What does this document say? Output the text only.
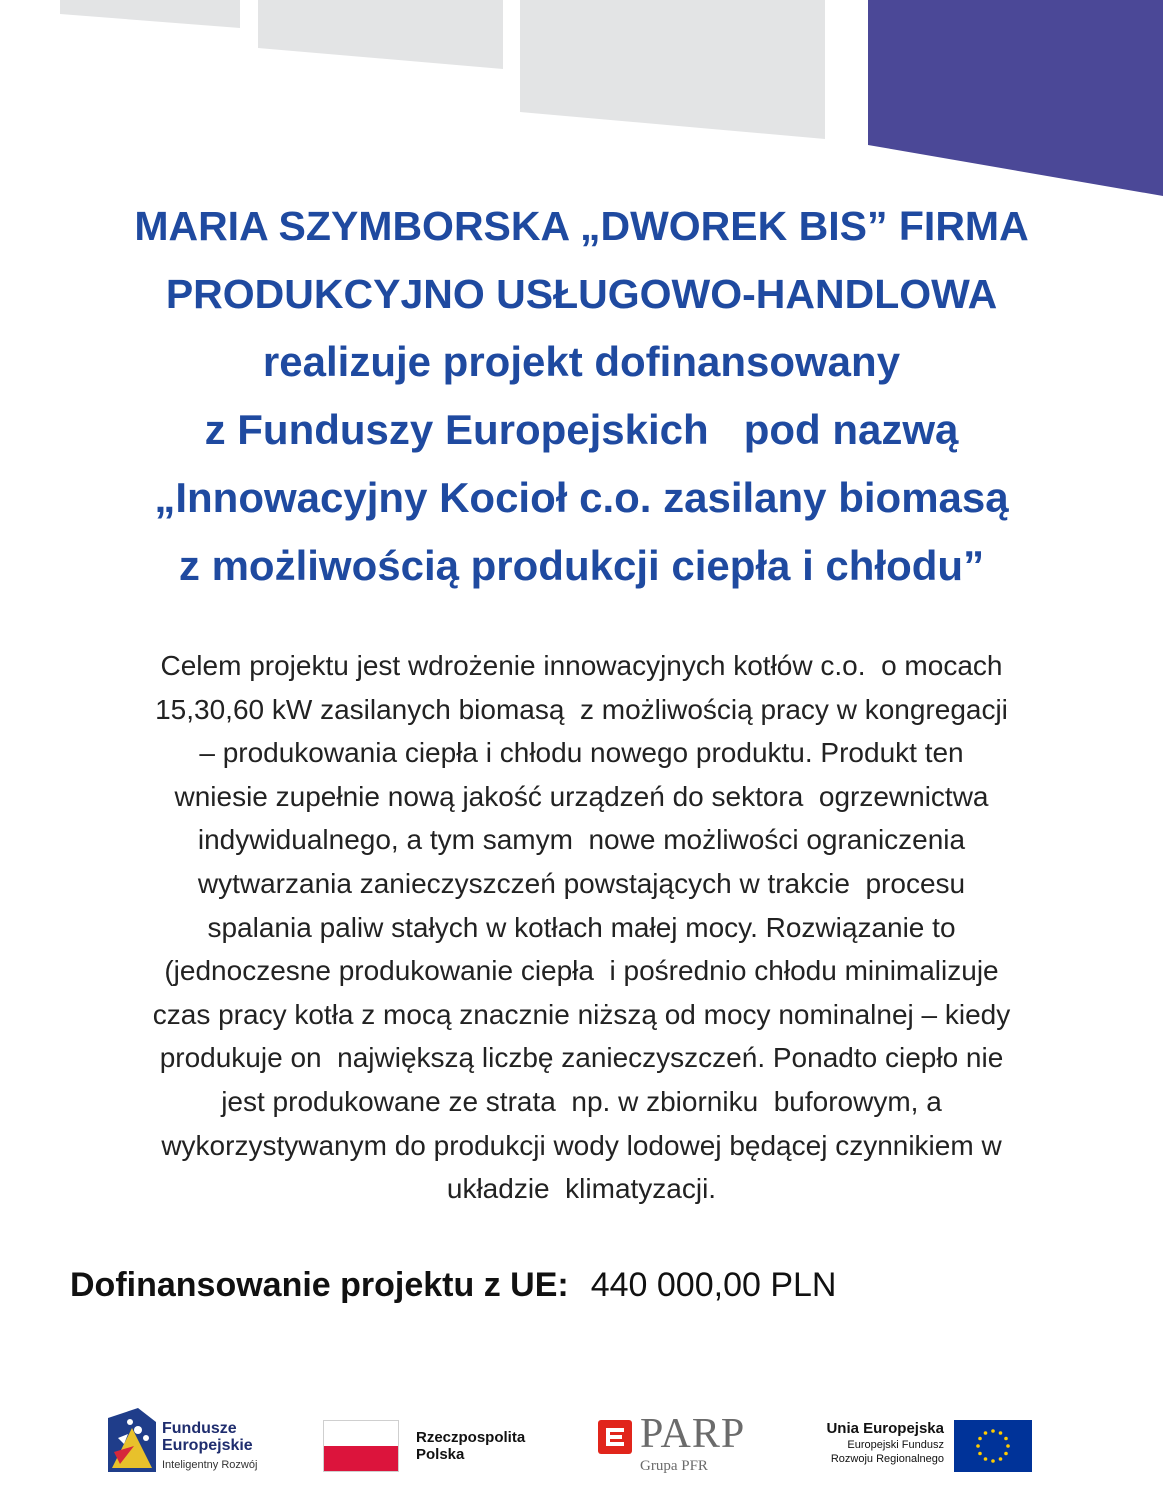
MARIA SZYMBORSKA „DWOREK BIS” FIRMA
PRODUKCYJNO USŁUGOWO-HANDLOWA
realizuje projekt dofinansowany
z Funduszy Europejskich   pod nazwą
„Innowacyjny Kocioł c.o. zasilany biomasą
z możliwością produkcji ciepła i chłodu”
Celem projektu jest wdrożenie innowacyjnych kotłów c.o.  o mocach
15,30,60 kW zasilanych biomasą  z możliwością pracy w kongregacji
– produkowania ciepła i chłodu nowego produktu. Produkt ten
wniesie zupełnie nową jakość urządzeń do sektora  ogrzewnictwa
indywidualnego, a tym samym  nowe możliwości ograniczenia
wytwarzania zanieczyszczeń powstających w trakcie  procesu
spalania paliw stałych w kotłach małej mocy. Rozwiązanie to
(jednoczesne produkowanie ciepła  i pośrednio chłodu minimalizuje
czas pracy kotła z mocą znacznie niższą od mocy nominalnej – kiedy
produkuje on  największą liczbę zanieczyszczeń. Ponadto ciepło nie
jest produkowane ze strata  np. w zbiorniku  buforowym, a
wykorzystywanym do produkcji wody lodowej będącej czynnikiem w
układzie  klimatyzacji.
Dofinansowanie projektu z UE: 440 000,00 PLN
Fundusze
Europejskie
Inteligentny Rozwój
Rzeczpospolita
Polska	PARP
Grupa PFR
Unia Europejska
Europejski Fundusz
Rozwoju Regionalnego
